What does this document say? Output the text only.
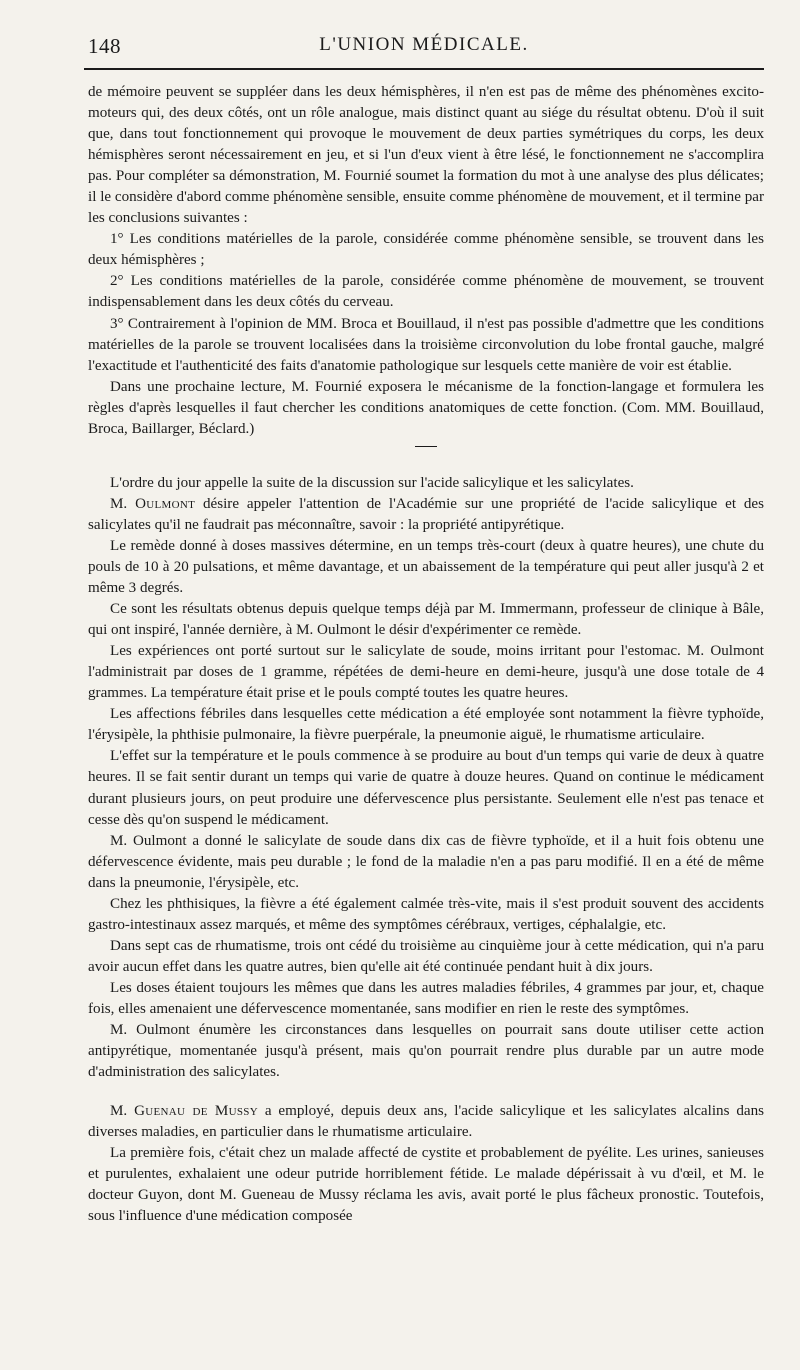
148	L'UNION MÉDICALE.

de mémoire peuvent se suppléer dans les deux hémisphères, il n'en est pas de même des phénomènes excito-moteurs qui, des deux côtés, ont un rôle analogue, mais distinct quant au siége du résultat obtenu. D'où il suit que, dans tout fonctionnement qui provoque le mouvement de deux parties symétriques du corps, les deux hémisphères seront nécessairement en jeu, et si l'un d'eux vient à être lésé, le fonctionnement ne s'accomplira pas. Pour compléter sa démonstration, M. Fournié soumet la formation du mot à une analyse des plus délicates; il le considère d'abord comme phénomène sensible, ensuite comme phénomène de mouvement, et il termine par les conclusions suivantes :

1° Les conditions matérielles de la parole, considérée comme phénomène sensible, se trouvent dans les deux hémisphères ;

2° Les conditions matérielles de la parole, considérée comme phénomène de mouvement, se trouvent indispensablement dans les deux côtés du cerveau.

3° Contrairement à l'opinion de MM. Broca et Bouillaud, il n'est pas possible d'admettre que les conditions matérielles de la parole se trouvent localisées dans la troisième circonvolution du lobe frontal gauche, malgré l'exactitude et l'authenticité des faits d'anatomie pathologique sur lesquels cette manière de voir est établie.

Dans une prochaine lecture, M. Fournié exposera le mécanisme de la fonction-langage et formulera les règles d'après lesquelles il faut chercher les conditions anatomiques de cette fonction. (Com. MM. Bouillaud, Broca, Baillarger, Béclard.)

L'ordre du jour appelle la suite de la discussion sur l'acide salicylique et les salicylates.

M. Oulmont désire appeler l'attention de l'Académie sur une propriété de l'acide salicylique et des salicylates qu'il ne faudrait pas méconnaître, savoir : la propriété antipyrétique.

Le remède donné à doses massives détermine, en un temps très-court (deux à quatre heures), une chute du pouls de 10 à 20 pulsations, et même davantage, et un abaissement de la température qui peut aller jusqu'à 2 et même 3 degrés.

Ce sont les résultats obtenus depuis quelque temps déjà par M. Immermann, professeur de clinique à Bâle, qui ont inspiré, l'année dernière, à M. Oulmont le désir d'expérimenter ce remède.

Les expériences ont porté surtout sur le salicylate de soude, moins irritant pour l'estomac. M. Oulmont l'administrait par doses de 1 gramme, répétées de demi-heure en demi-heure, jusqu'à une dose totale de 4 grammes. La température était prise et le pouls compté toutes les quatre heures.

Les affections fébriles dans lesquelles cette médication a été employée sont notamment la fièvre typhoïde, l'érysipèle, la phthisie pulmonaire, la fièvre puerpérale, la pneumonie aiguë, le rhumatisme articulaire.

L'effet sur la température et le pouls commence à se produire au bout d'un temps qui varie de deux à quatre heures. Il se fait sentir durant un temps qui varie de quatre à douze heures. Quand on continue le médicament durant plusieurs jours, on peut produire une défervescence plus persistante. Seulement elle n'est pas tenace et cesse dès qu'on suspend le médicament.

M. Oulmont a donné le salicylate de soude dans dix cas de fièvre typhoïde, et il a huit fois obtenu une défervescence évidente, mais peu durable ; le fond de la maladie n'en a pas paru modifié. Il en a été de même dans la pneumonie, l'érysipèle, etc.

Chez les phthisiques, la fièvre a été également calmée très-vite, mais il s'est produit souvent des accidents gastro-intestinaux assez marqués, et même des symptômes cérébraux, vertiges, céphalalgie, etc.

Dans sept cas de rhumatisme, trois ont cédé du troisième au cinquième jour à cette médication, qui n'a paru avoir aucun effet dans les quatre autres, bien qu'elle ait été continuée pendant huit à dix jours.

Les doses étaient toujours les mêmes que dans les autres maladies fébriles, 4 grammes par jour, et, chaque fois, elles amenaient une défervescence momentanée, sans modifier en rien le reste des symptômes.

M. Oulmont énumère les circonstances dans lesquelles on pourrait sans doute utiliser cette action antipyrétique, momentanée jusqu'à présent, mais qu'on pourrait rendre plus durable par un autre mode d'administration des salicylates.

M. Guenau de Mussy a employé, depuis deux ans, l'acide salicylique et les salicylates alcalins dans diverses maladies, en particulier dans le rhumatisme articulaire.

La première fois, c'était chez un malade affecté de cystite et probablement de pyélite. Les urines, sanieuses et purulentes, exhalaient une odeur putride horriblement fétide. Le malade dépérissait à vu d'œil, et M. le docteur Guyon, dont M. Gueneau de Mussy réclama les avis, avait porté le plus fâcheux pronostic. Toutefois, sous l'influence d'une médication composée
